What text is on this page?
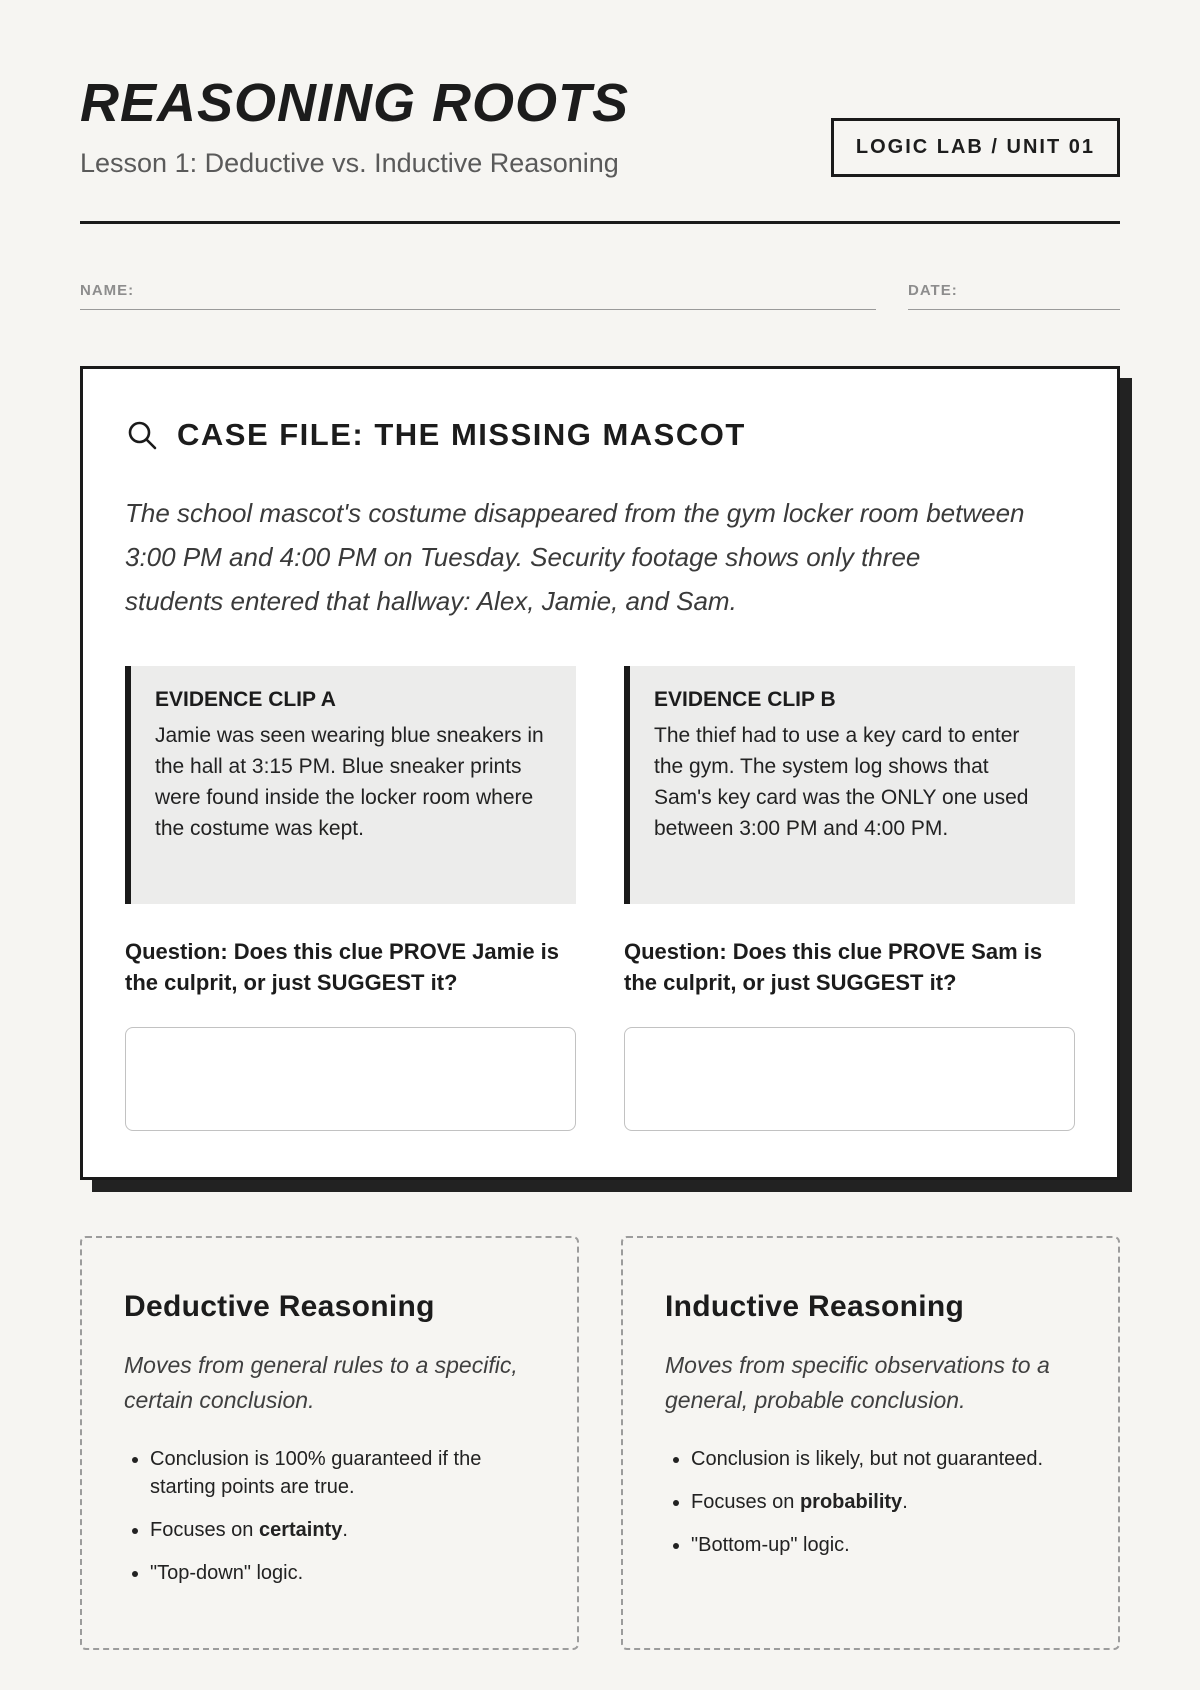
REASONING ROOTS
Lesson 1: Deductive vs. Inductive Reasoning
LOGIC LAB / UNIT 01
NAME:	DATE:
CASE FILE: THE MISSING MASCOT

The school mascot's costume disappeared from the gym locker room between 3:00 PM and 4:00 PM on Tuesday. Security footage shows only three students entered that hallway: Alex, Jamie, and Sam.

EVIDENCE CLIP A
Jamie was seen wearing blue sneakers in the hall at 3:15 PM. Blue sneaker prints were found inside the locker room where the costume was kept.
Question: Does this clue PROVE Jamie is the culprit, or just SUGGEST it?
EVIDENCE CLIP B
The thief had to use a key card to enter the gym. The system log shows that Sam's key card was the ONLY one used between 3:00 PM and 4:00 PM.
Question: Does this clue PROVE Sam is the culprit, or just SUGGEST it?
Deductive Reasoning
Moves from general rules to a specific, certain conclusion.
• Conclusion is 100% guaranteed if the starting points are true.
• Focuses on certainty.
• "Top-down" logic.
Inductive Reasoning
Moves from specific observations to a general, probable conclusion.
• Conclusion is likely, but not guaranteed.
• Focuses on probability.
• "Bottom-up" logic.
